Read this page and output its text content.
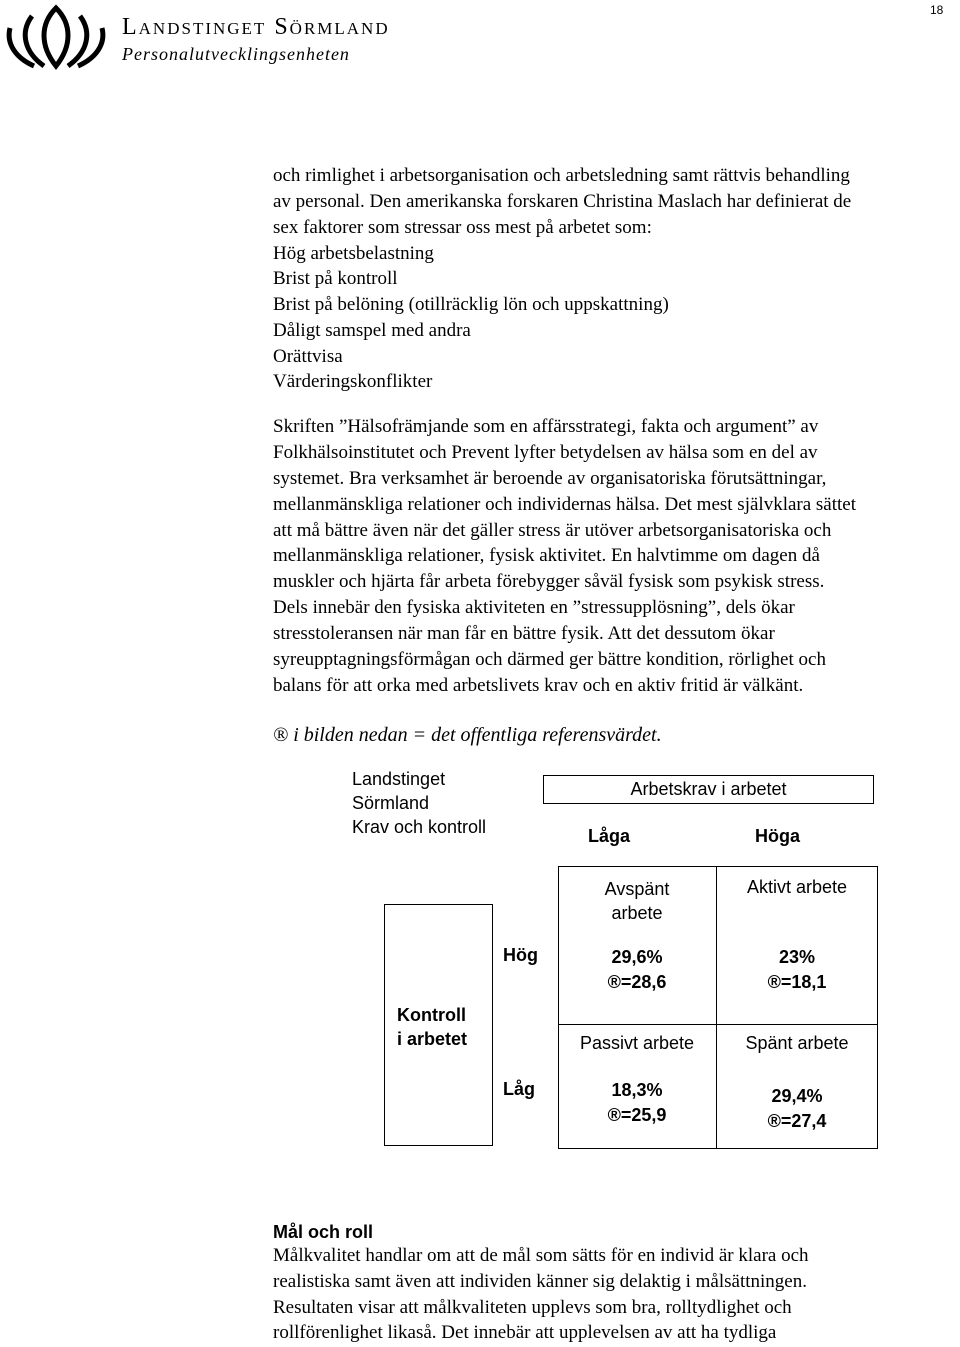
Landstinget Sörmland
Personalutvecklingsenheten
18
och rimlighet i arbetsorganisation och arbetsledning samt rättvis behandling
av personal. Den amerikanska forskaren Christina Maslach har definierat de
sex faktorer som stressar oss mest på arbetet som:
Hög arbetsbelastning
Brist på kontroll
Brist på belöning (otillräcklig lön och uppskattning)
Dåligt samspel med andra
Orättvisa
Värderingskonflikter
Skriften ”Hälsofrämjande som en affärsstrategi, fakta och argument” av
Folkhälsoinstitutet och Prevent lyfter betydelsen av hälsa som en del av
systemet. Bra verksamhet är beroende av organisatoriska förutsättningar,
mellanmänskliga relationer och individernas hälsa. Det mest självklara sättet
att må bättre även när det gäller stress är utöver arbetsorganisatoriska och
mellanmänskliga relationer, fysisk aktivitet. En halvtimme om dagen då
muskler och hjärta får arbeta förebygger såväl fysisk som psykisk stress.
Dels innebär den fysiska aktiviteten en ”stressupplösning”, dels ökar
stresstoleransen när man får en bättre fysik. Att det dessutom ökar
syreupptagningsförmågan och därmed ger bättre kondition, rörlighet och
balans för att orka med arbetslivets krav och en aktiv fritid är välkänt.
® i bilden nedan = det offentliga referensvärdet.
Landstinget
Sörmland
Krav och kontroll
Arbetskrav i arbetet
Låga	Höga
Kontroll
i arbetet
Hög
Låg
Avspänt
arbete
29,6%
®=28,6
Aktivt arbete
23%
®=18,1
Passivt arbete
18,3%
®=25,9
Spänt arbete
29,4%
®=27,4
Mål och roll
Målkvalitet handlar om att de mål som sätts för en individ är klara och
realistiska samt även att individen känner sig delaktig i målsättningen.
Resultaten visar att målkvaliteten upplevs som bra, rolltydlighet och
rollförenlighet likaså. Det innebär att upplevelsen av att ha tydliga
